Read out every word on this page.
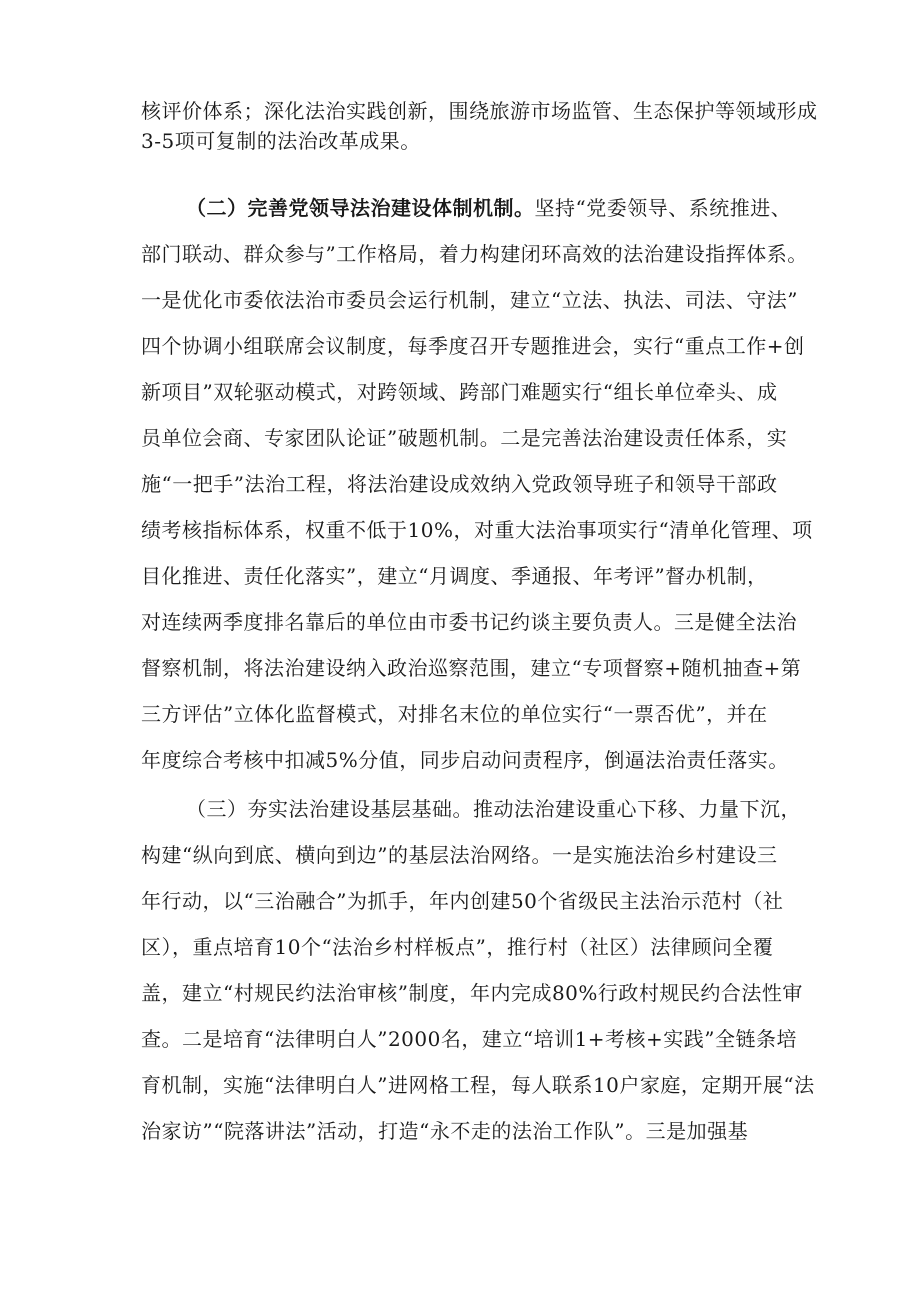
核评价体系；深化法治实践创新，围绕旅游市场监管、生态保护等领域形成
3-5项可复制的法治改革成果。
（二）完善党领导法治建设体制机制。坚持“党委领导、系统推进、
部门联动、群众参与”工作格局，着力构建闭环高效的法治建设指挥体系。
一是优化市委依法治市委员会运行机制，建立“立法、执法、司法、守法”
四个协调小组联席会议制度，每季度召开专题推进会，实行“重点工作+创
新项目”双轮驱动模式，对跨领域、跨部门难题实行“组长单位牵头、成
员单位会商、专家团队论证”破题机制。二是完善法治建设责任体系，实
施“一把手”法治工程，将法治建设成效纳入党政领导班子和领导干部政
绩考核指标体系，权重不低于10%，对重大法治事项实行“清单化管理、项
目化推进、责任化落实”，建立“月调度、季通报、年考评”督办机制，
对连续两季度排名靠后的单位由市委书记约谈主要负责人。三是健全法治
督察机制，将法治建设纳入政治巡察范围，建立“专项督察+随机抽查+第
三方评估”立体化监督模式，对排名末位的单位实行“一票否优”，并在
年度综合考核中扣减5%分值，同步启动问责程序，倒逼法治责任落实。
（三）夯实法治建设基层基础。推动法治建设重心下移、力量下沉，
构建“纵向到底、横向到边”的基层法治网络。一是实施法治乡村建设三
年行动，以“三治融合”为抓手，年内创建50个省级民主法治示范村（社
区），重点培育10个“法治乡村样板点”，推行村（社区）法律顾问全覆
盖，建立“村规民约法治审核”制度，年内完成80%行政村规民约合法性审
查。二是培育“法律明白人”2000名，建立“培训1+考核+实践”全链条培
育机制，实施“法律明白人”进网格工程，每人联系10户家庭，定期开展“法
治家访”“院落讲法”活动，打造“永不走的法治工作队”。三是加强基
